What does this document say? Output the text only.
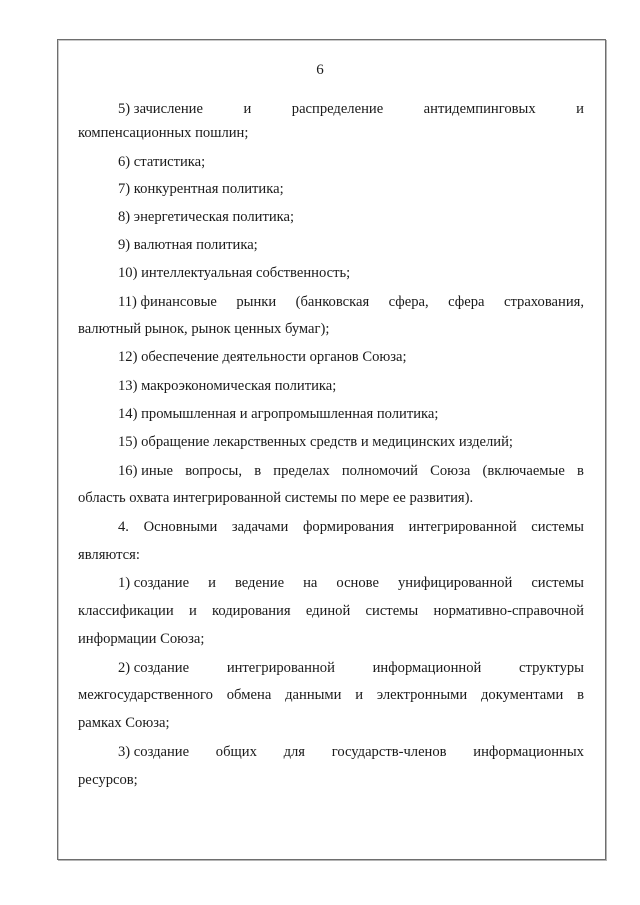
6
5) зачисление	и	распределение	антидемпинговых	и
компенсационных пошлин;
6) статистика;
7) конкурентная политика;
8) энергетическая политика;
9) валютная политика;
10) интеллектуальная собственность;
11) финансовые рынки (банковская сфера, сфера страхования,
валютный рынок, рынок ценных бумаг);
12) обеспечение деятельности органов Союза;
13) макроэкономическая политика;
14) промышленная и агропромышленная политика;
15) обращение лекарственных средств и медицинских изделий;
16) иные вопросы, в пределах полномочий Союза (включаемые в
область охвата интегрированной системы по мере ее развития).
4. Основными задачами формирования интегрированной системы
являются:
1) создание и ведение на основе унифицированной системы
классификации и кодирования единой системы нормативно-справочной
информации Союза;
2) создание	интегрированной	информационной	структуры
межгосударственного обмена данными и электронными документами в
рамках Союза;
3) создание общих для государств-членов информационных
ресурсов;
